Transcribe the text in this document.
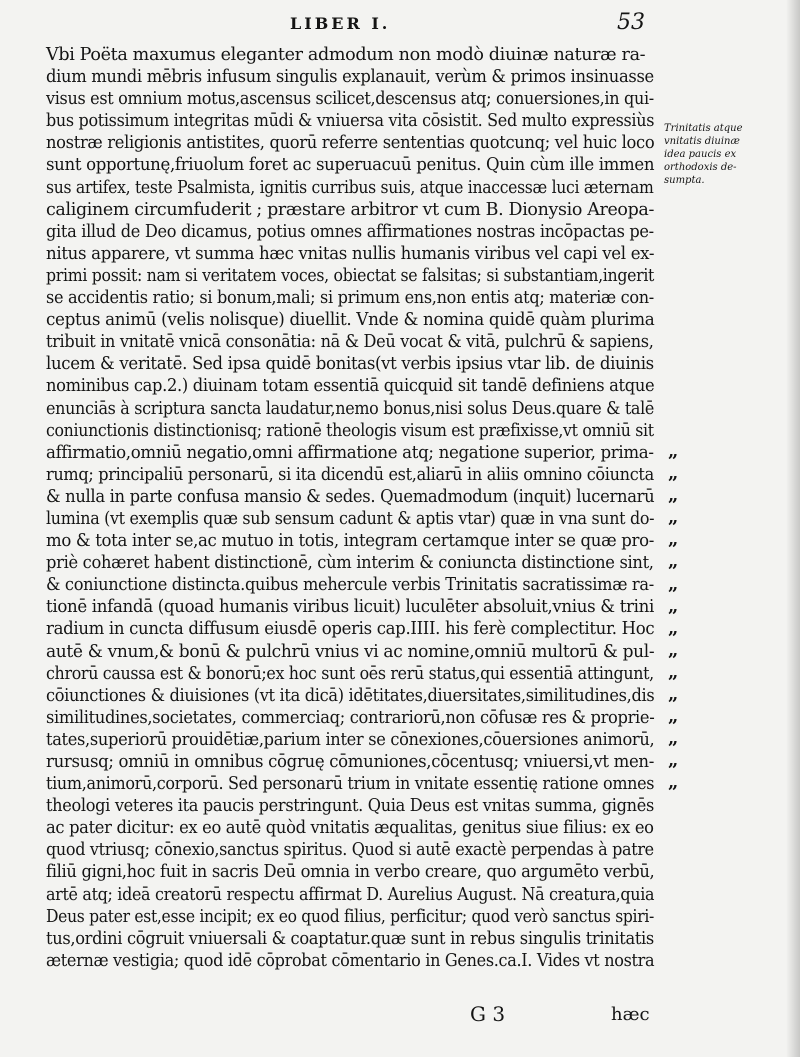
LIBER I.	53
Vbi Poëta maxumus eleganter admodum non modò diuinæ naturæ ra-
dium mundi mēbris infusum singulis explanauit, verùm & primos insinuasse
visus est omnium motus,ascensus scilicet,descensus atq; conuersiones,in qui-
bus potissimum integritas mūdi & vniuersa vita cōsistit. Sed multo expressiùs
nostræ religionis antistites, quorū referre sententias quotcunq; vel huic loco
sunt opportunę,friuolum foret ac superuacuū penitus. Quin cùm ille immen
sus artifex, teste Psalmista, ignitis curribus suis, atque inaccessæ luci æternam
caliginem circumfuderit ; præstare arbitror vt cum B. Dionysio Areopa-
gita illud de Deo dicamus, potius omnes affirmationes nostras incōpactas pe-
nitus apparere, vt summa hæc vnitas nullis humanis viribus vel capi vel ex-
primi possit: nam si veritatem voces, obiectat se falsitas; si substantiam,ingerit
se accidentis ratio; si bonum,mali; si primum ens,non entis atq; materiæ con-
ceptus animū (velis nolisque) diuellit. Vnde & nomina quidē quàm plurima
tribuit in vnitatē vnicā consonātia: nā & Deū vocat & vitā, pulchrū & sapiens,
lucem & veritatē. Sed ipsa quidē bonitas(vt verbis ipsius vtar lib. de diuinis
nominibus cap.2.) diuinam totam essentiā quicquid sit tandē definiens atque
enunciās à scriptura sancta laudatur,nemo bonus,nisi solus Deus.quare & talē
coniunctionis distinctionisq; rationē theologis visum est præfixisse,vt omniū sit
affirmatio,omniū negatio,omni affirmatione atq; negatione superior, prima-
rumq; principaliū personarū, si ita dicendū est,aliarū in aliis omnino cōiuncta
& nulla in parte confusa mansio & sedes. Quemadmodum (inquit) lucernarū
lumina (vt exemplis quæ sub sensum cadunt & aptis vtar) quæ in vna sunt do-
mo & tota inter se,ac mutuo in totis, integram certamque inter se quæ pro-
priè cohæret habent distinctionē, cùm interim & coniuncta distinctione sint,
& coniunctione distincta.quibus mehercule verbis Trinitatis sacratissimæ ra-
tionē infandā (quoad humanis viribus licuit) luculēter absoluit,vnius & trini
radium in cuncta diffusum eiusdē operis cap.IIII. his ferè complectitur. Hoc
autē & vnum,& bonū & pulchrū vnius vi ac nomine,omniū multorū & pul-
chrorū caussa est & bonorū;ex hoc sunt oēs rerū status,qui essentiā attingunt,
cōiunctiones & diuisiones (vt ita dicā) idētitates,diuersitates,similitudines,dis
similitudines,societates, commerciaq; contrariorū,non cōfusæ res & proprie-
tates,superiorū prouidētiæ,parium inter se cōnexiones,cōuersiones animorū,
rursusq; omniū in omnibus cōgruę cōmuniones,cōcentusq; vniuersi,vt men-
tium,animorū,corporū. Sed personarū trium in vnitate essentię ratione omnes
theologi veteres ita paucis perstringunt. Quia Deus est vnitas summa, gignēs
ac pater dicitur: ex eo autē quòd vnitatis æqualitas, genitus siue filius: ex eo
quod vtriusq; cōnexio,sanctus spiritus. Quod si autē exactè perpendas à patre
filiū gigni,hoc fuit in sacris Deū omnia in verbo creare, quo argumēto verbū,
artē atq; ideā creatorū respectu affirmat D. Aurelius August. Nā creatura,quia
Deus pater est,esse incipit; ex eo quod filius, perficitur; quod verò sanctus spiri-
tus,ordini cōgruit vniuersali & coaptatur.quæ sunt in rebus singulis trinitatis
æternæ vestigia; quod idē cōprobat cōmentario in Genes.ca.I. Vides vt nostra
Trinitatis atque
vnitatis diuinæ
idea paucis ex
orthodoxis de-
sumpta.
„
„
„
„
„
„
„
„
„
„
„
„
„
„
„
„
G 3	hæc
